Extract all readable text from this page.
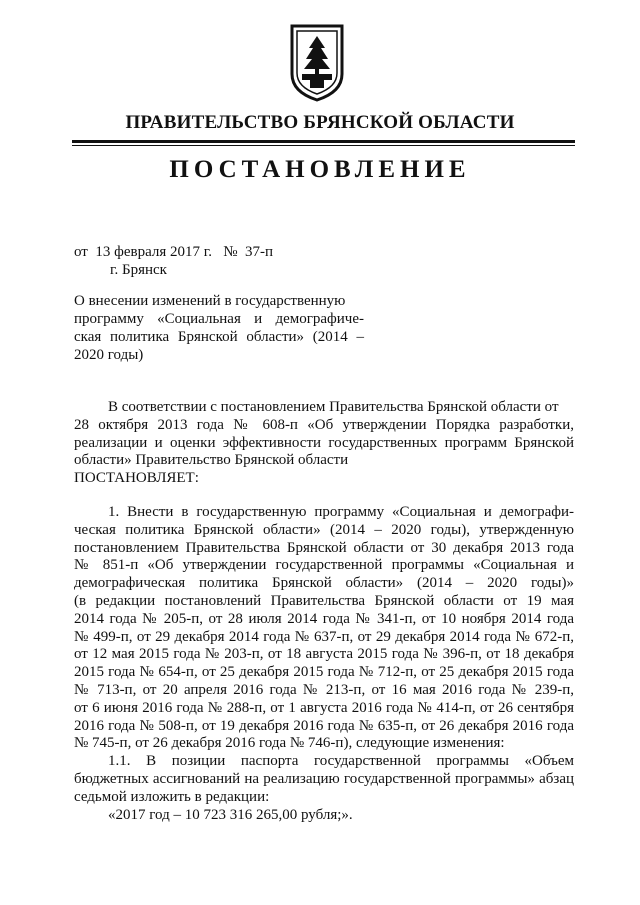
ПРАВИТЕЛЬСТВО БРЯНСКОЙ ОБЛАСТИ
ПОСТАНОВЛЕНИЕ
от  13 февраля 2017 г.   №  37-п
г. Брянск
О внесении изменений в государственную
программу «Социальная и демографиче-
ская политика Брянской области» (2014 –
2020 годы)
В соответствии с постановлением Правительства Брянской области от
28 октября 2013 года № 608-п «Об утверждении Порядка разработки,
реализации и оценки эффективности государственных программ Брянской
области» Правительство Брянской области
ПОСТАНОВЛЯЕТ:
1. Внести в государственную программу «Социальная и демографи-
ческая политика Брянской области» (2014 – 2020 годы), утвержденную
постановлением Правительства Брянской области от 30 декабря 2013 года
№ 851-п «Об утверждении государственной программы «Социальная и
демографическая политика Брянской области» (2014 – 2020 годы)»
(в редакции постановлений Правительства Брянской области от 19 мая
2014 года № 205-п, от 28 июля 2014 года № 341-п, от 10 ноября 2014 года
№ 499-п, от 29 декабря 2014 года № 637-п, от 29 декабря 2014 года № 672-п,
от 12 мая 2015 года № 203-п, от 18 августа 2015 года № 396-п, от 18 декабря
2015 года № 654-п, от 25 декабря 2015 года № 712-п, от 25 декабря 2015 года
№ 713-п, от 20 апреля 2016 года № 213-п, от 16 мая 2016 года № 239-п,
от 6 июня 2016 года № 288-п, от 1 августа 2016 года № 414-п, от 26 сентября
2016 года № 508-п, от 19 декабря 2016 года № 635-п, от 26 декабря 2016 года
№ 745-п, от 26 декабря 2016 года № 746-п), следующие изменения:
1.1. В позиции паспорта государственной программы «Объем
бюджетных ассигнований на реализацию государственной программы» абзац
седьмой изложить в редакции:
«2017 год – 10 723 316 265,00 рубля;».
